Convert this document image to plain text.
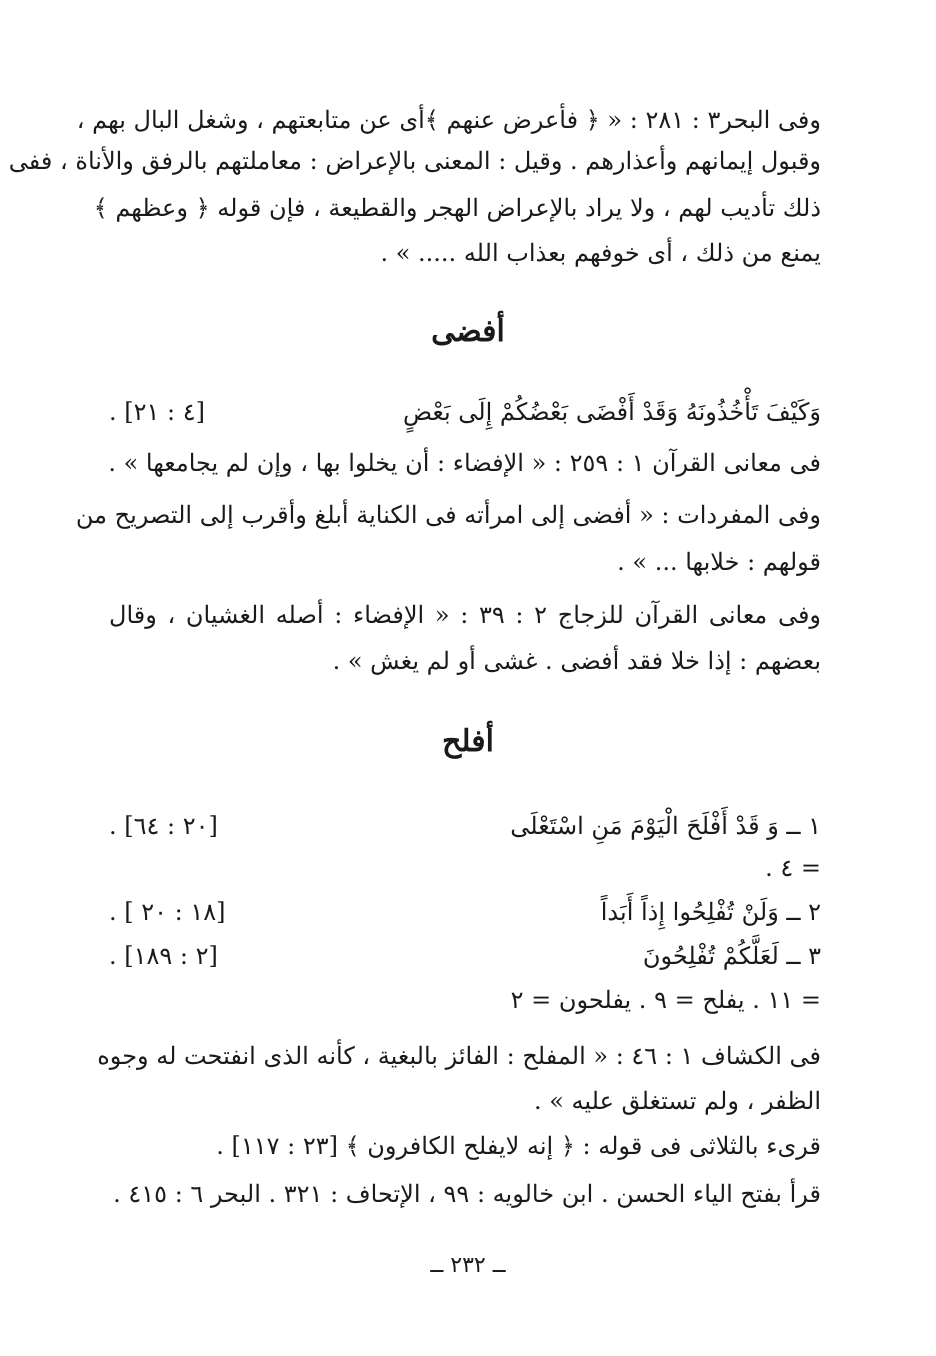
وفى البحر٣ : ٢٨١ : « ﴿ فأعرض عنهم ﴾أى عن متابعتهم ، وشغل البال بهم ،
وقبول إيمانهم وأعذارهم . وقيل : المعنى بالإعراض : معاملتهم بالرفق والأناة ، ففى
ذلك تأديب لهم ، ولا يراد بالإعراض الهجر والقطيعة ، فإن قوله ﴿ وعظهم ﴾
يمنع من ذلك ، أى خوفهم بعذاب الله ..... » .
أفضى
وَكَيْفَ تَأْخُذُونَهُ وَقَدْ أَفْضَى بَعْضُكُمْ إِلَى بَعْضٍ
[٤ : ٢١] .
فى معانى القرآن ١ : ٢٥٩ : « الإفضاء : أن يخلوا بها ، وإن لم يجامعها » .
وفى المفردات : « أفضى إلى امرأته فى الكناية أبلغ وأقرب إلى التصريح من
قولهم : خلابها ... » .
وفى معانى القرآن للزجاج ٢ : ٣٩ : « الإفضاء : أصله الغشيان ، وقال
بعضهم : إذا خلا فقد أفضى . غشى أو لم يغش » .
أفلح
١ ــ وَ قَدْ أَفْلَحَ الْيَوْمَ مَنِ اسْتَعْلَى
[٢٠ : ٦٤] .
= ٤ .
٢ ــ وَلَنْ تُفْلِحُوا إِذاً أَبَداً
[١٨ : ٢٠ ] .
٣ ــ لَعَلَّكُمْ تُفْلِحُونَ
[٢ : ١٨٩] .
= ١١ . يفلح = ٩ . يفلحون = ٢
فى الكشاف ١ : ٤٦ : « المفلح : الفائز بالبغية ، كأنه الذى انفتحت له وجوه
الظفر ، ولم تستغلق عليه » .
قرىء بالثلاثى فى قوله : ﴿ إنه لايفلح الكافرون ﴾ [٢٣ : ١١٧] .
قرأ بفتح الياء الحسن . ابن خالويه : ٩٩ ، الإتحاف : ٣٢١ . البحر ٦ : ٤١٥ .
ــ ٢٣٢ ــ
